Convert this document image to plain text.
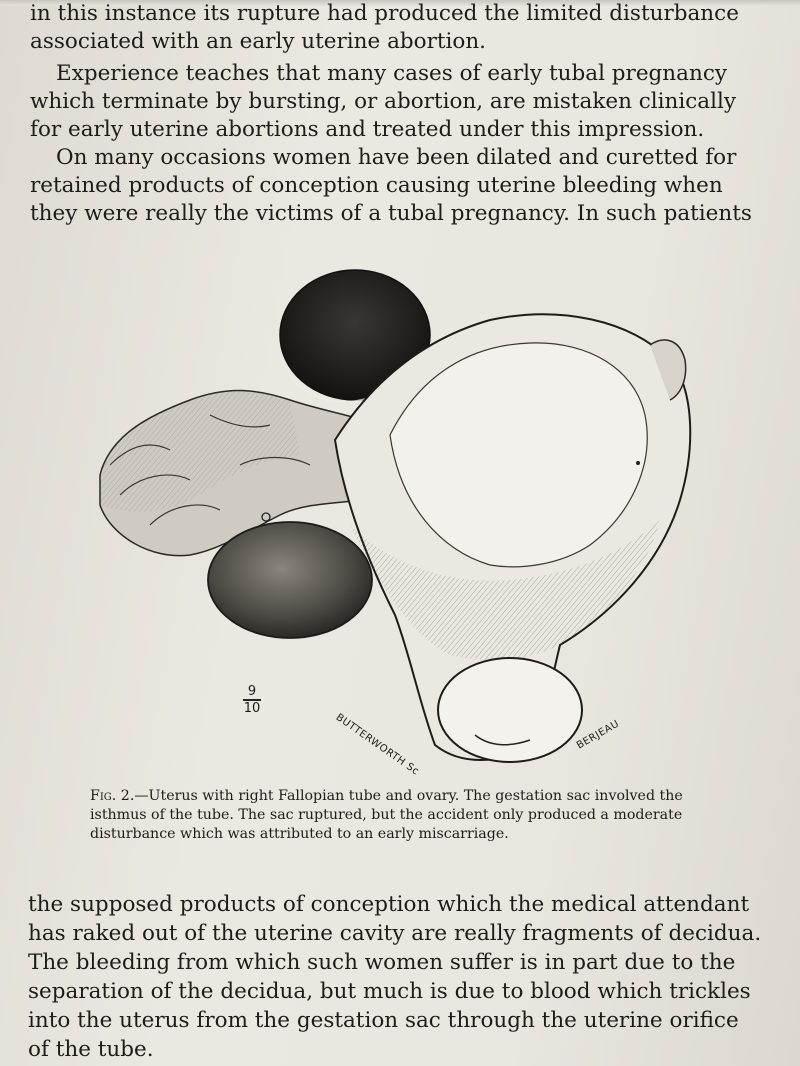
in this instance its rupture had produced the limited disturbance associated with an early uterine abortion.

Experience teaches that many cases of early tubal pregnancy which terminate by bursting, or abortion, are mistaken clinically for early uterine abortions and treated under this impression.

On many occasions women have been dilated and curetted for retained products of conception causing uterine bleeding when they were really the victims of a tubal pregnancy. In such patients

9
10
BUTTERWORTH Sc	BERJEAU

Fig. 2.—Uterus with right Fallopian tube and ovary. The gestation sac involved the isthmus of the tube. The sac ruptured, but the accident only produced a moderate disturbance which was attributed to an early miscarriage.

the supposed products of conception which the medical attendant has raked out of the uterine cavity are really fragments of decidua. The bleeding from which such women suffer is in part due to the separation of the decidua, but much is due to blood which trickles into the uterus from the gestation sac through the uterine orifice of the tube.
